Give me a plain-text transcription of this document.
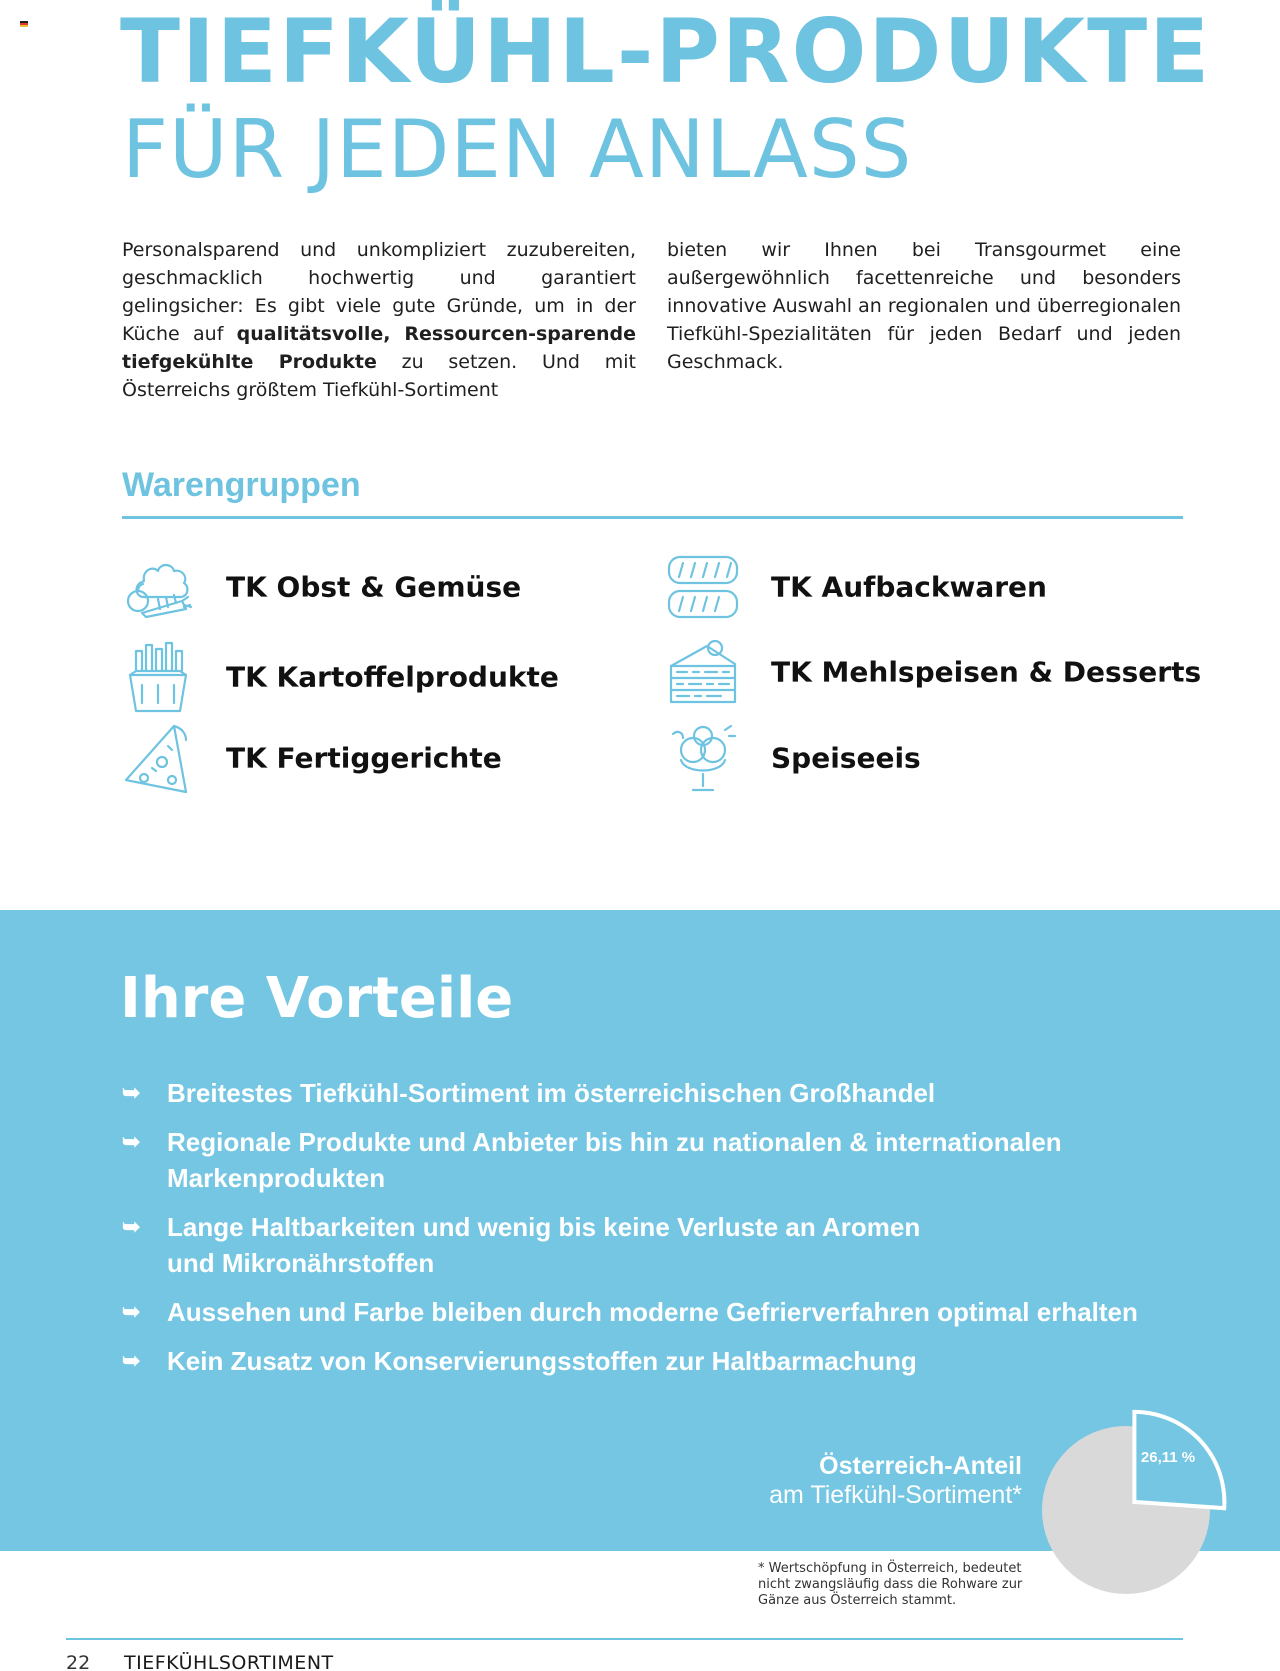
TIEFKÜHL-PRODUKTE
FÜR JEDEN ANLASS

Personalsparend und unkompliziert zuzubereiten, geschmacklich hochwertig und garantiert gelingsicher: Es gibt viele gute Gründe, um in der Küche auf qualitätsvolle, Ressourcen-sparende tiefgekühlte Produkte zu setzen. Und mit Österreichs größtem Tiefkühl-Sortiment

bieten wir Ihnen bei Transgourmet eine außergewöhnlich facettenreiche und besonders innovative Auswahl an regionalen und überregionalen Tiefkühl-Spezialitäten für jeden Bedarf und jeden Geschmack.

Warengruppen
TK Obst & Gemüse	TK Aufbackwaren
TK Kartoffelprodukte	TK Mehlspeisen & Desserts
TK Fertiggerichte	Speiseeis
Ihre Vorteile
➥ Breitestes Tiefkühl-Sortiment im österreichischen Großhandel
➥ Regionale Produkte und Anbieter bis hin zu nationalen & internationalen
Markenprodukten
➥ Lange Haltbarkeiten und wenig bis keine Verluste an Aromen
und Mikronährstoffen
➥ Aussehen und Farbe bleiben durch moderne Gefrierverfahren optimal erhalten
➥ Kein Zusatz von Konservierungsstoffen zur Haltbarmachung
Österreich-Anteil
am Tiefkühl-Sortiment*
26,11 %

* Wertschöpfung in Österreich, bedeutet nicht zwangsläufig dass die Rohware zur Gänze aus Österreich stammt.

22 TIEFKÜHLSORTIMENT
